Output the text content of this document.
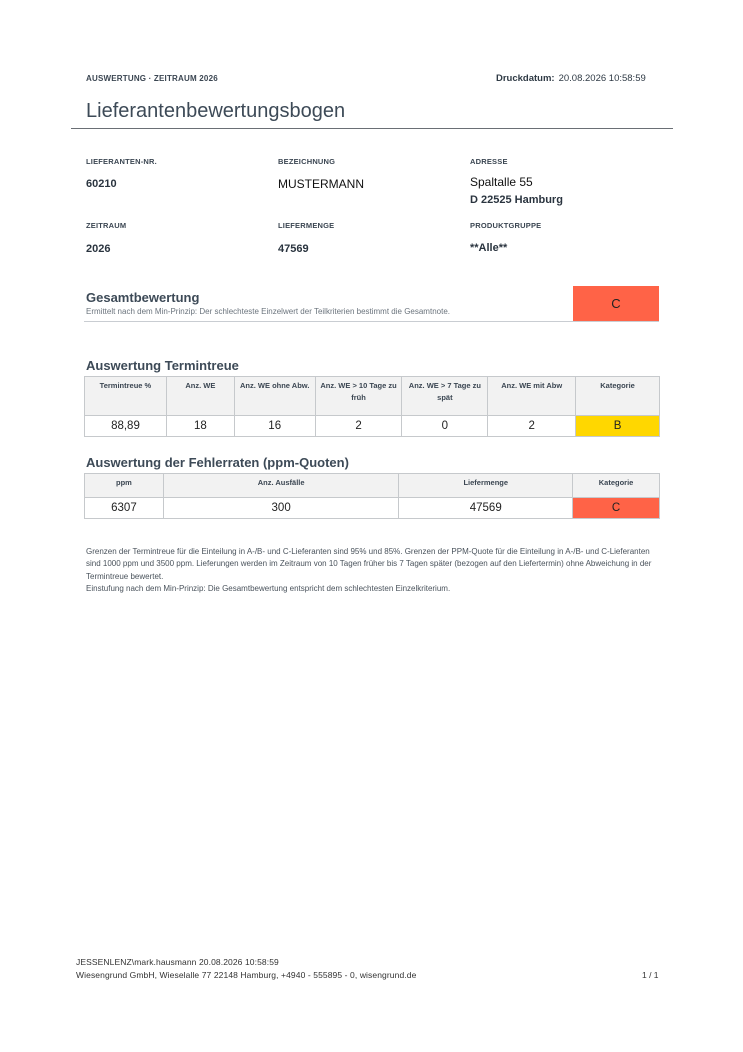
AUSWERTUNG · ZEITRAUM 2026	Druckdatum: 20.08.2026 10:58:59
Lieferantenbewertungsbogen
LIEFERANTEN-NR.
60210
BEZEICHNUNG
MUSTERMANN
ADRESSE
Spaltalle 55
D 22525 Hamburg
ZEITRAUM
2026
LIEFERMENGE
47569
PRODUKTGRUPPE
**Alle**
Gesamtbewertung
Ermittelt nach dem Min-Prinzip: Der schlechteste Einzelwert der Teilkriterien bestimmt die Gesamtnote.
C
Auswertung Termintreue
Termintreue %	Anz. WE	Anz. WE ohne Abw.	Anz. WE > 10 Tage zu früh	Anz. WE > 7 Tage zu spät	Anz. WE mit Abw	Kategorie
88,89	18	16	2	0	2	B
Auswertung der Fehlerraten (ppm-Quoten)
ppm	Anz. Ausfälle	Liefermenge	Kategorie
6307	300	47569	C
Grenzen der Termintreue für die Einteilung in A-/B- und C-Lieferanten sind 95% und 85%. Grenzen der PPM-Quote für die Einteilung in A-/B- und C-Lieferanten sind 1000 ppm und 3500 ppm. Lieferungen werden im Zeitraum von 10 Tagen früher bis 7 Tagen später (bezogen auf den Liefertermin) ohne Abweichung in der Termintreue bewertet.
Einstufung nach dem Min-Prinzip: Die Gesamtbewertung entspricht dem schlechtesten Einzelkriterium.
JESSENLENZ\mark.hausmann 20.08.2026 10:58:59
Wiesengrund GmbH, Wieselalle 77 22148 Hamburg, +4940 - 555895 - 0, wisengrund.de	1 / 1
